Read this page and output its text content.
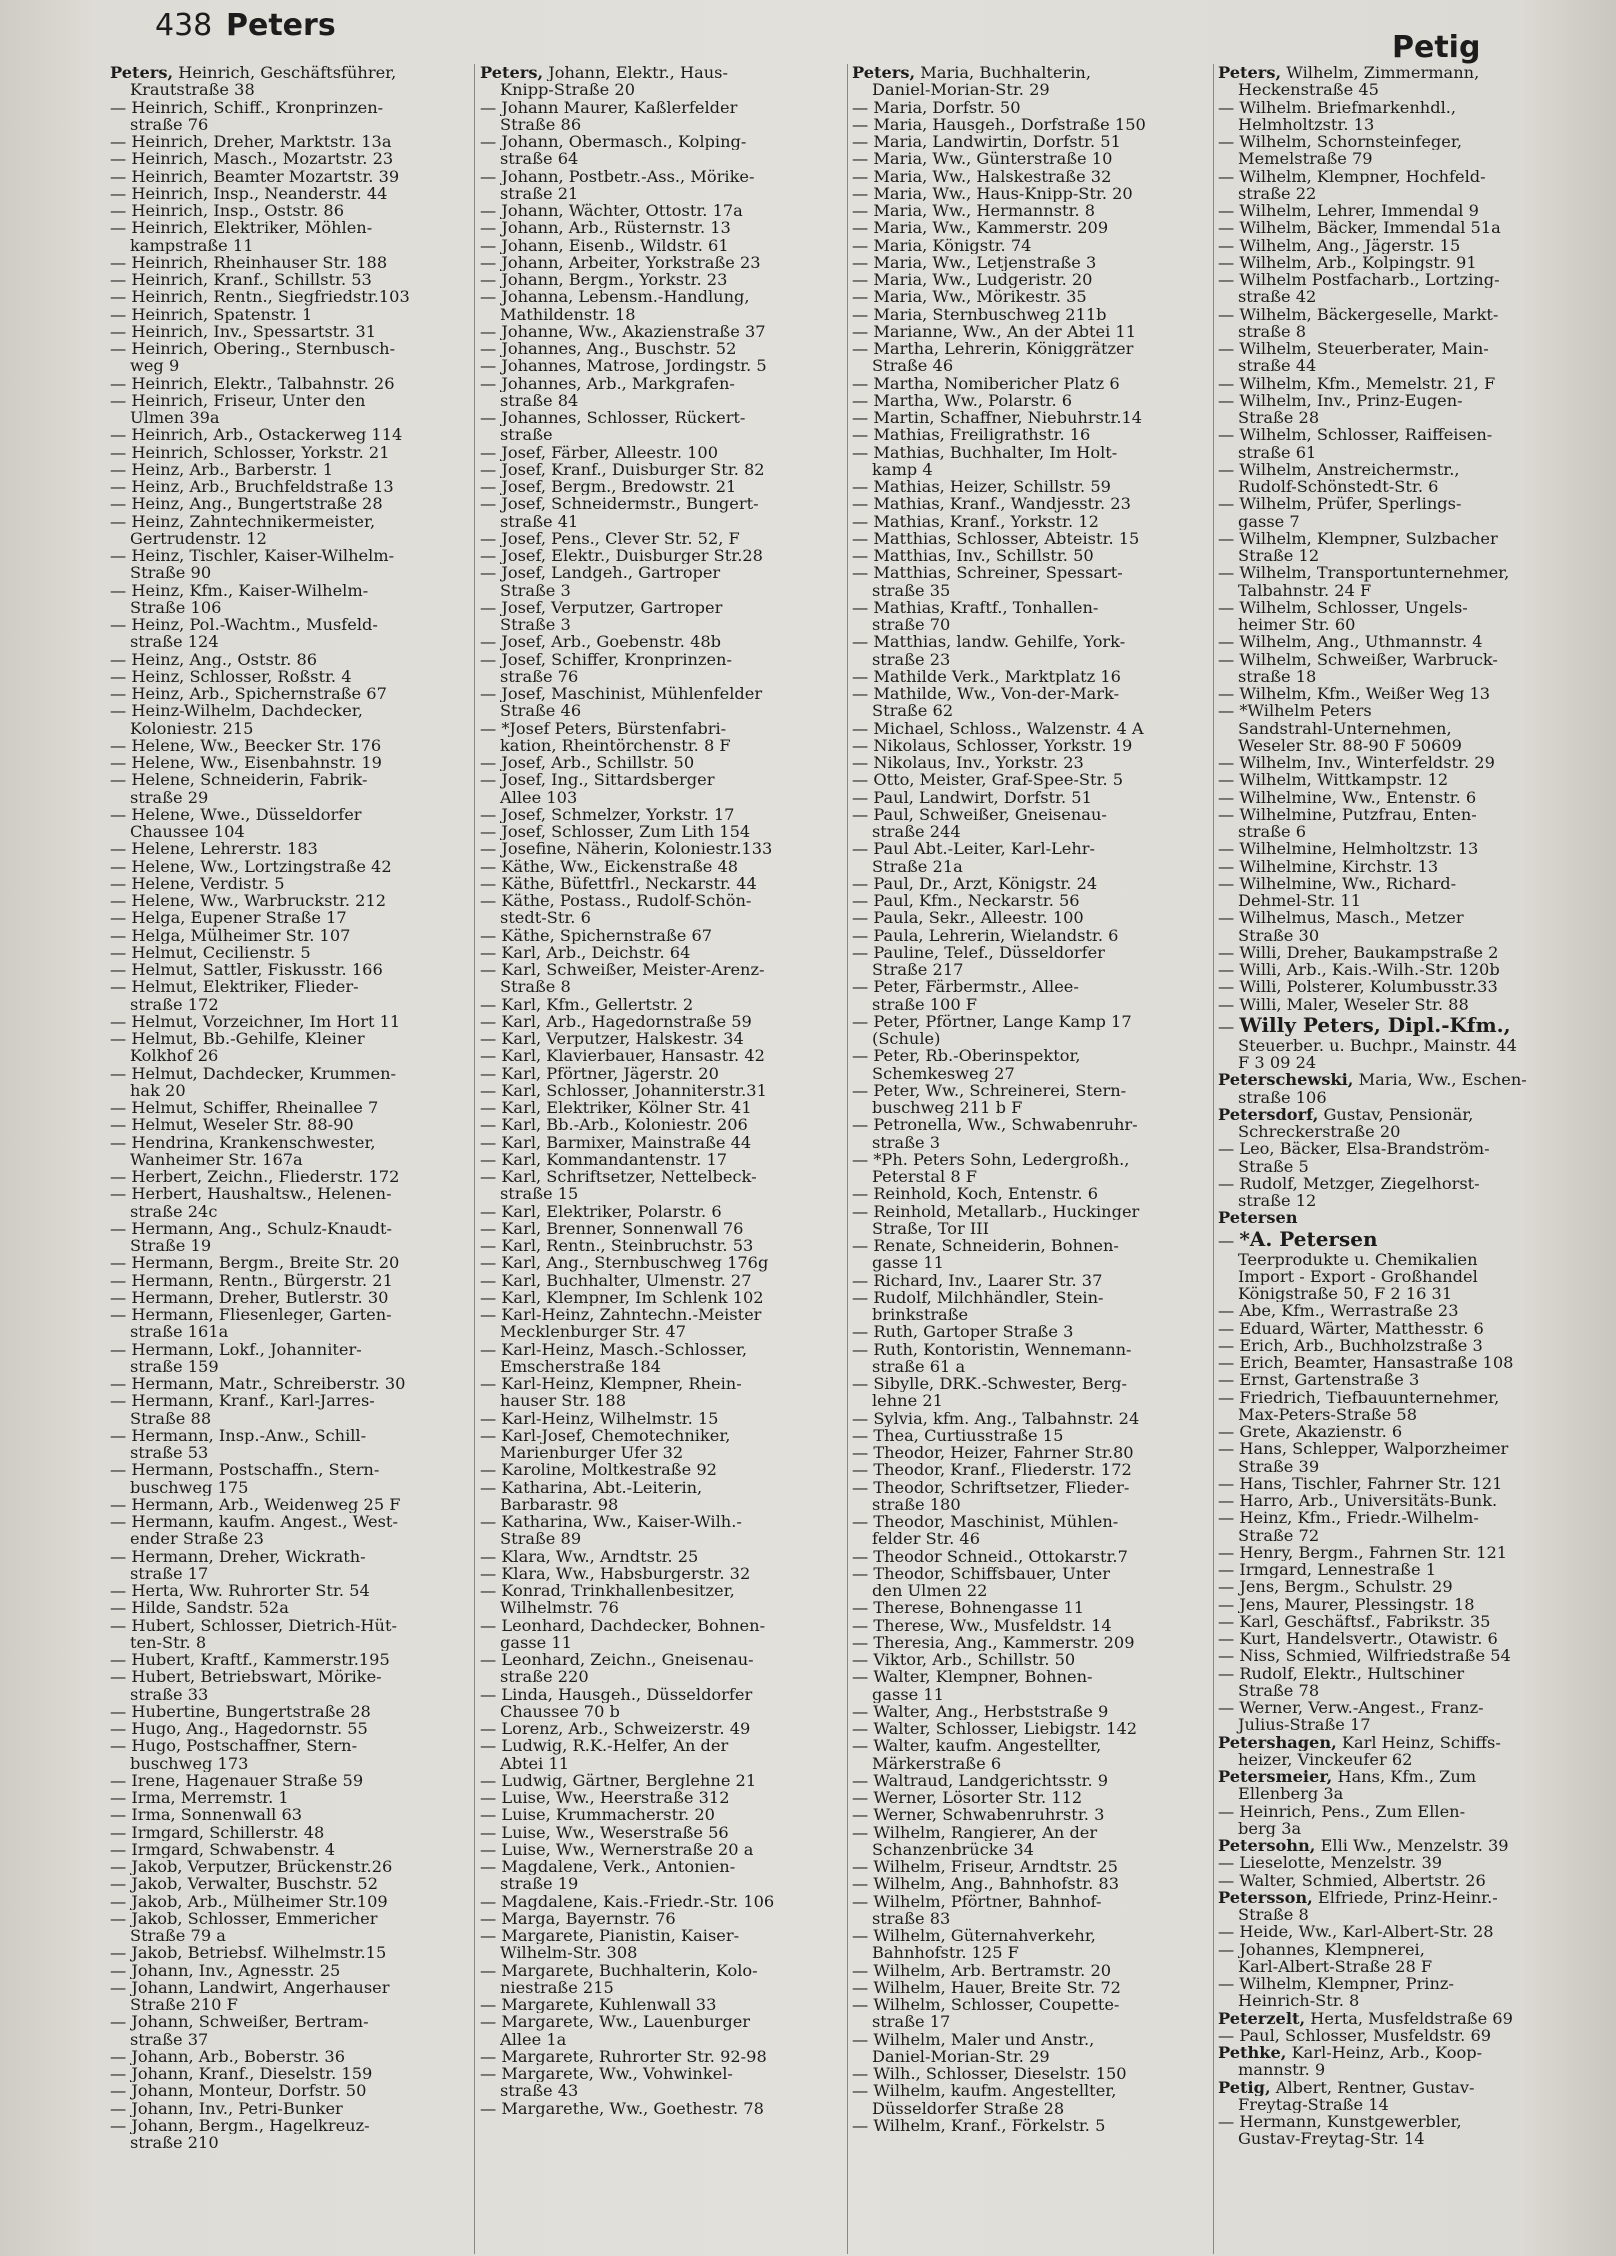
438 Peters
Petig
Peters, Heinrich, Geschäftsführer,
Krautstraße 38
— Heinrich, Schiff., Kronprinzen-
straße 76
— Heinrich, Dreher, Marktstr. 13a
— Heinrich, Masch., Mozartstr. 23
— Heinrich, Beamter Mozartstr. 39
— Heinrich, Insp., Neanderstr. 44
— Heinrich, Insp., Oststr. 86
— Heinrich, Elektriker, Möhlen-
kampstraße 11
— Heinrich, Rheinhauser Str. 188
— Heinrich, Kranf., Schillstr. 53
— Heinrich, Rentn., Siegfriedstr.103
— Heinrich, Spatenstr. 1
— Heinrich, Inv., Spessartstr. 31
— Heinrich, Obering., Sternbusch-
weg 9
— Heinrich, Elektr., Talbahnstr. 26
— Heinrich, Friseur, Unter den
Ulmen 39a
— Heinrich, Arb., Ostackerweg 114
— Heinrich, Schlosser, Yorkstr. 21
— Heinz, Arb., Barberstr. 1
— Heinz, Arb., Bruchfeldstraße 13
— Heinz, Ang., Bungertstraße 28
— Heinz, Zahntechnikermeister,
Gertrudenstr. 12
— Heinz, Tischler, Kaiser-Wilhelm-
Straße 90
— Heinz, Kfm., Kaiser-Wilhelm-
Straße 106
— Heinz, Pol.-Wachtm., Musfeld-
straße 124
— Heinz, Ang., Oststr. 86
— Heinz, Schlosser, Roßstr. 4
— Heinz, Arb., Spichernstraße 67
— Heinz-Wilhelm, Dachdecker,
Koloniestr. 215
— Helene, Ww., Beecker Str. 176
— Helene, Ww., Eisenbahnstr. 19
— Helene, Schneiderin, Fabrik-
straße 29
— Helene, Wwe., Düsseldorfer
Chaussee 104
— Helene, Lehrerstr. 183
— Helene, Ww., Lortzingstraße 42
— Helene, Verdistr. 5
— Helene, Ww., Warbruckstr. 212
— Helga, Eupener Straße 17
— Helga, Mülheimer Str. 107
— Helmut, Cecilienstr. 5
— Helmut, Sattler, Fiskusstr. 166
— Helmut, Elektriker, Flieder-
straße 172
— Helmut, Vorzeichner, Im Hort 11
— Helmut, Bb.-Gehilfe, Kleiner
Kolkhof 26
— Helmut, Dachdecker, Krummen-
hak 20
— Helmut, Schiffer, Rheinallee 7
— Helmut, Weseler Str. 88-90
— Hendrina, Krankenschwester,
Wanheimer Str. 167a
— Herbert, Zeichn., Fliederstr. 172
— Herbert, Haushaltsw., Helenen-
straße 24c
— Hermann, Ang., Schulz-Knaudt-
Straße 19
— Hermann, Bergm., Breite Str. 20
— Hermann, Rentn., Bürgerstr. 21
— Hermann, Dreher, Butlerstr. 30
— Hermann, Fliesenleger, Garten-
straße 161a
— Hermann, Lokf., Johanniter-
straße 159
— Hermann, Matr., Schreiberstr. 30
— Hermann, Kranf., Karl-Jarres-
Straße 88
— Hermann, Insp.-Anw., Schill-
straße 53
— Hermann, Postschaffn., Stern-
buschweg 175
— Hermann, Arb., Weidenweg 25 F
— Hermann, kaufm. Angest., West-
ender Straße 23
— Hermann, Dreher, Wickrath-
straße 17
— Herta, Ww. Ruhrorter Str. 54
— Hilde, Sandstr. 52a
— Hubert, Schlosser, Dietrich-Hüt-
ten-Str. 8
— Hubert, Kraftf., Kammerstr.195
— Hubert, Betriebswart, Mörike-
straße 33
— Hubertine, Bungertstraße 28
— Hugo, Ang., Hagedornstr. 55
— Hugo, Postschaffner, Stern-
buschweg 173
— Irene, Hagenauer Straße 59
— Irma, Merremstr. 1
— Irma, Sonnenwall 63
— Irmgard, Schillerstr. 48
— Irmgard, Schwabenstr. 4
— Jakob, Verputzer, Brückenstr.26
— Jakob, Verwalter, Buschstr. 52
— Jakob, Arb., Mülheimer Str.109
— Jakob, Schlosser, Emmericher
Straße 79 a
— Jakob, Betriebsf. Wilhelmstr.15
— Johann, Inv., Agnesstr. 25
— Johann, Landwirt, Angerhauser
Straße 210 F
— Johann, Schweißer, Bertram-
straße 37
— Johann, Arb., Boberstr. 36
— Johann, Kranf., Dieselstr. 159
— Johann, Monteur, Dorfstr. 50
— Johann, Inv., Petri-Bunker
— Johann, Bergm., Hagelkreuz-
straße 210
Peters, Johann, Elektr., Haus-
Knipp-Straße 20
— Johann Maurer, Kaßlerfelder
Straße 86
— Johann, Obermasch., Kolping-
straße 64
— Johann, Postbetr.-Ass., Mörike-
straße 21
— Johann, Wächter, Ottostr. 17a
— Johann, Arb., Rüsternstr. 13
— Johann, Eisenb., Wildstr. 61
— Johann, Arbeiter, Yorkstraße 23
— Johann, Bergm., Yorkstr. 23
— Johanna, Lebensm.-Handlung,
Mathildenstr. 18
— Johanne, Ww., Akazienstraße 37
— Johannes, Ang., Buschstr. 52
— Johannes, Matrose, Jordingstr. 5
— Johannes, Arb., Markgrafen-
straße 84
— Johannes, Schlosser, Rückert-
straße
— Josef, Färber, Alleestr. 100
— Josef, Kranf., Duisburger Str. 82
— Josef, Bergm., Bredowstr. 21
— Josef, Schneidermstr., Bungert-
straße 41
— Josef, Pens., Clever Str. 52, F
— Josef, Elektr., Duisburger Str.28
— Josef, Landgeh., Gartroper
Straße 3
— Josef, Verputzer, Gartroper
Straße 3
— Josef, Arb., Goebenstr. 48b
— Josef, Schiffer, Kronprinzen-
straße 76
— Josef, Maschinist, Mühlenfelder
Straße 46
— *Josef Peters, Bürstenfabri-
kation, Rheintörchenstr. 8 F
— Josef, Arb., Schillstr. 50
— Josef, Ing., Sittardsberger
Allee 103
— Josef, Schmelzer, Yorkstr. 17
— Josef, Schlosser, Zum Lith 154
— Josefine, Näherin, Koloniestr.133
— Käthe, Ww., Eickenstraße 48
— Käthe, Büfettfrl., Neckarstr. 44
— Käthe, Postass., Rudolf-Schön-
stedt-Str. 6
— Käthe, Spichernstraße 67
— Karl, Arb., Deichstr. 64
— Karl, Schweißer, Meister-Arenz-
Straße 8
— Karl, Kfm., Gellertstr. 2
— Karl, Arb., Hagedornstraße 59
— Karl, Verputzer, Halskestr. 34
— Karl, Klavierbauer, Hansastr. 42
— Karl, Pförtner, Jägerstr. 20
— Karl, Schlosser, Johanniterstr.31
— Karl, Elektriker, Kölner Str. 41
— Karl, Bb.-Arb., Koloniestr. 206
— Karl, Barmixer, Mainstraße 44
— Karl, Kommandantenstr. 17
— Karl, Schriftsetzer, Nettelbeck-
straße 15
— Karl, Elektriker, Polarstr. 6
— Karl, Brenner, Sonnenwall 76
— Karl, Rentn., Steinbruchstr. 53
— Karl, Ang., Sternbuschweg 176g
— Karl, Buchhalter, Ulmenstr. 27
— Karl, Klempner, Im Schlenk 102
— Karl-Heinz, Zahntechn.-Meister
Mecklenburger Str. 47
— Karl-Heinz, Masch.-Schlosser,
Emscherstraße 184
— Karl-Heinz, Klempner, Rhein-
hauser Str. 188
— Karl-Heinz, Wilhelmstr. 15
— Karl-Josef, Chemotechniker,
Marienburger Ufer 32
— Karoline, Moltkestraße 92
— Katharina, Abt.-Leiterin,
Barbarastr. 98
— Katharina, Ww., Kaiser-Wilh.-
Straße 89
— Klara, Ww., Arndtstr. 25
— Klara, Ww., Habsburgerstr. 32
— Konrad, Trinkhallenbesitzer,
Wilhelmstr. 76
— Leonhard, Dachdecker, Bohnen-
gasse 11
— Leonhard, Zeichn., Gneisenau-
straße 220
— Linda, Hausgeh., Düsseldorfer
Chaussee 70 b
— Lorenz, Arb., Schweizerstr. 49
— Ludwig, R.K.-Helfer, An der
Abtei 11
— Ludwig, Gärtner, Berglehne 21
— Luise, Ww., Heerstraße 312
— Luise, Krummacherstr. 20
— Luise, Ww., Weserstraße 56
— Luise, Ww., Wernerstraße 20 a
— Magdalene, Verk., Antonien-
straße 19
— Magdalene, Kais.-Friedr.-Str. 106
— Marga, Bayernstr. 76
— Margarete, Pianistin, Kaiser-
Wilhelm-Str. 308
— Margarete, Buchhalterin, Kolo-
niestraße 215
— Margarete, Kuhlenwall 33
— Margarete, Ww., Lauenburger
Allee 1a
— Margarete, Ruhrorter Str. 92-98
— Margarete, Ww., Vohwinkel-
straße 43
— Margarethe, Ww., Goethestr. 78
Peters, Maria, Buchhalterin,
Daniel-Morian-Str. 29
— Maria, Dorfstr. 50
— Maria, Hausgeh., Dorfstraße 150
— Maria, Landwirtin, Dorfstr. 51
— Maria, Ww., Günterstraße 10
— Maria, Ww., Halskestraße 32
— Maria, Ww., Haus-Knipp-Str. 20
— Maria, Ww., Hermannstr. 8
— Maria, Ww., Kammerstr. 209
— Maria, Königstr. 74
— Maria, Ww., Letjenstraße 3
— Maria, Ww., Ludgeristr. 20
— Maria, Ww., Mörikestr. 35
— Maria, Sternbuschweg 211b
— Marianne, Ww., An der Abtei 11
— Martha, Lehrerin, Königgrätzer
Straße 46
— Martha, Nomibericher Platz 6
— Martha, Ww., Polarstr. 6
— Martin, Schaffner, Niebuhrstr.14
— Mathias, Freiligrathstr. 16
— Mathias, Buchhalter, Im Holt-
kamp 4
— Mathias, Heizer, Schillstr. 59
— Mathias, Kranf., Wandjesstr. 23
— Mathias, Kranf., Yorkstr. 12
— Matthias, Schlosser, Abteistr. 15
— Matthias, Inv., Schillstr. 50
— Matthias, Schreiner, Spessart-
straße 35
— Mathias, Kraftf., Tonhallen-
straße 70
— Matthias, landw. Gehilfe, York-
straße 23
— Mathilde Verk., Marktplatz 16
— Mathilde, Ww., Von-der-Mark-
Straße 62
— Michael, Schloss., Walzenstr. 4 A
— Nikolaus, Schlosser, Yorkstr. 19
— Nikolaus, Inv., Yorkstr. 23
— Otto, Meister, Graf-Spee-Str. 5
— Paul, Landwirt, Dorfstr. 51
— Paul, Schweißer, Gneisenau-
straße 244
— Paul Abt.-Leiter, Karl-Lehr-
Straße 21a
— Paul, Dr., Arzt, Königstr. 24
— Paul, Kfm., Neckarstr. 56
— Paula, Sekr., Alleestr. 100
— Paula, Lehrerin, Wielandstr. 6
— Pauline, Telef., Düsseldorfer
Straße 217
— Peter, Färbermstr., Allee-
straße 100 F
— Peter, Pförtner, Lange Kamp 17
(Schule)
— Peter, Rb.-Oberinspektor,
Schemkesweg 27
— Peter, Ww., Schreinerei, Stern-
buschweg 211 b F
— Petronella, Ww., Schwabenruhr-
straße 3
— *Ph. Peters Sohn, Ledergroßh.,
Peterstal 8 F
— Reinhold, Koch, Entenstr. 6
— Reinhold, Metallarb., Huckinger
Straße, Tor III
— Renate, Schneiderin, Bohnen-
gasse 11
— Richard, Inv., Laarer Str. 37
— Rudolf, Milchhändler, Stein-
brinkstraße
— Ruth, Gartoper Straße 3
— Ruth, Kontoristin, Wennemann-
straße 61 a
— Sibylle, DRK.-Schwester, Berg-
lehne 21
— Sylvia, kfm. Ang., Talbahnstr. 24
— Thea, Curtiusstraße 15
— Theodor, Heizer, Fahrner Str.80
— Theodor, Kranf., Fliederstr. 172
— Theodor, Schriftsetzer, Flieder-
straße 180
— Theodor, Maschinist, Mühlen-
felder Str. 46
— Theodor Schneid., Ottokarstr.7
— Theodor, Schiffsbauer, Unter
den Ulmen 22
— Therese, Bohnengasse 11
— Therese, Ww., Musfeldstr. 14
— Theresia, Ang., Kammerstr. 209
— Viktor, Arb., Schillstr. 50
— Walter, Klempner, Bohnen-
gasse 11
— Walter, Ang., Herbststraße 9
— Walter, Schlosser, Liebigstr. 142
— Walter, kaufm. Angestellter,
Märkerstraße 6
— Waltraud, Landgerichtsstr. 9
— Werner, Lösorter Str. 112
— Werner, Schwabenruhrstr. 3
— Wilhelm, Rangierer, An der
Schanzenbrücke 34
— Wilhelm, Friseur, Arndtstr. 25
— Wilhelm, Ang., Bahnhofstr. 83
— Wilhelm, Pförtner, Bahnhof-
straße 83
— Wilhelm, Güternahverkehr,
Bahnhofstr. 125 F
— Wilhelm, Arb. Bertramstr. 20
— Wilhelm, Hauer, Breite Str. 72
— Wilhelm, Schlosser, Coupette-
straße 17
— Wilhelm, Maler und Anstr.,
Daniel-Morian-Str. 29
— Wilh., Schlosser, Dieselstr. 150
— Wilhelm, kaufm. Angestellter,
Düsseldorfer Straße 28
— Wilhelm, Kranf., Förkelstr. 5
Peters, Wilhelm, Zimmermann,
Heckenstraße 45
— Wilhelm. Briefmarkenhdl.,
Helmholtzstr. 13
— Wilhelm, Schornsteinfeger,
Memelstraße 79
— Wilhelm, Klempner, Hochfeld-
straße 22
— Wilhelm, Lehrer, Immendal 9
— Wilhelm, Bäcker, Immendal 51a
— Wilhelm, Ang., Jägerstr. 15
— Wilhelm, Arb., Kolpingstr. 91
— Wilhelm Postfacharb., Lortzing-
straße 42
— Wilhelm, Bäckergeselle, Markt-
straße 8
— Wilhelm, Steuerberater, Main-
straße 44
— Wilhelm, Kfm., Memelstr. 21, F
— Wilhelm, Inv., Prinz-Eugen-
Straße 28
— Wilhelm, Schlosser, Raiffeisen-
straße 61
— Wilhelm, Anstreichermstr.,
Rudolf-Schönstedt-Str. 6
— Wilhelm, Prüfer, Sperlings-
gasse 7
— Wilhelm, Klempner, Sulzbacher
Straße 12
— Wilhelm, Transportunternehmer,
Talbahnstr. 24 F
— Wilhelm, Schlosser, Ungels-
heimer Str. 60
— Wilhelm, Ang., Uthmannstr. 4
— Wilhelm, Schweißer, Warbruck-
straße 18
— Wilhelm, Kfm., Weißer Weg 13
— *Wilhelm Peters
Sandstrahl-Unternehmen,
Weseler Str. 88-90 F 50609
— Wilhelm, Inv., Winterfeldstr. 29
— Wilhelm, Wittkampstr. 12
— Wilhelmine, Ww., Entenstr. 6
— Wilhelmine, Putzfrau, Enten-
straße 6
— Wilhelmine, Helmholtzstr. 13
— Wilhelmine, Kirchstr. 13
— Wilhelmine, Ww., Richard-
Dehmel-Str. 11
— Wilhelmus, Masch., Metzer
Straße 30
— Willi, Dreher, Baukampstraße 2
— Willi, Arb., Kais.-Wilh.-Str. 120b
— Willi, Polsterer, Kolumbusstr.33
— Willi, Maler, Weseler Str. 88
— Willy Peters, Dipl.-Kfm.,
Steuerber. u. Buchpr., Mainstr. 44
F 3 09 24
Peterschewski, Maria, Ww., Eschen-
straße 106
Petersdorf, Gustav, Pensionär,
Schreckerstraße 20
— Leo, Bäcker, Elsa-Brandström-
Straße 5
— Rudolf, Metzger, Ziegelhorst-
straße 12
Petersen
— *A. Petersen
Teerprodukte u. Chemikalien
Import - Export - Großhandel
Königstraße 50, F 2 16 31
— Abe, Kfm., Werrastraße 23
— Eduard, Wärter, Matthesstr. 6
— Erich, Arb., Buchholzstraße 3
— Erich, Beamter, Hansastraße 108
— Ernst, Gartenstraße 3
— Friedrich, Tiefbauunternehmer,
Max-Peters-Straße 58
— Grete, Akazienstr. 6
— Hans, Schlepper, Walporzheimer
Straße 39
— Hans, Tischler, Fahrner Str. 121
— Harro, Arb., Universitäts-Bunk.
— Heinz, Kfm., Friedr.-Wilhelm-
Straße 72
— Henry, Bergm., Fahrnen Str. 121
— Irmgard, Lennestraße 1
— Jens, Bergm., Schulstr. 29
— Jens, Maurer, Plessingstr. 18
— Karl, Geschäftsf., Fabrikstr. 35
— Kurt, Handelsvertr., Otawistr. 6
— Niss, Schmied, Wilfriedstraße 54
— Rudolf, Elektr., Hultschiner
Straße 78
— Werner, Verw.-Angest., Franz-
Julius-Straße 17
Petershagen, Karl Heinz, Schiffs-
heizer, Vinckeufer 62
Petersmeier, Hans, Kfm., Zum
Ellenberg 3a
— Heinrich, Pens., Zum Ellen-
berg 3a
Petersohn, Elli Ww., Menzelstr. 39
— Lieselotte, Menzelstr. 39
— Walter, Schmied, Albertstr. 26
Petersson, Elfriede, Prinz-Heinr.-
Straße 8
— Heide, Ww., Karl-Albert-Str. 28
— Johannes, Klempnerei,
Karl-Albert-Straße 28 F
— Wilhelm, Klempner, Prinz-
Heinrich-Str. 8
Peterzelt, Herta, Musfeldstraße 69
— Paul, Schlosser, Musfeldstr. 69
Pethke, Karl-Heinz, Arb., Koop-
mannstr. 9
Petig, Albert, Rentner, Gustav-
Freytag-Straße 14
— Hermann, Kunstgewerbler,
Gustav-Freytag-Str. 14
